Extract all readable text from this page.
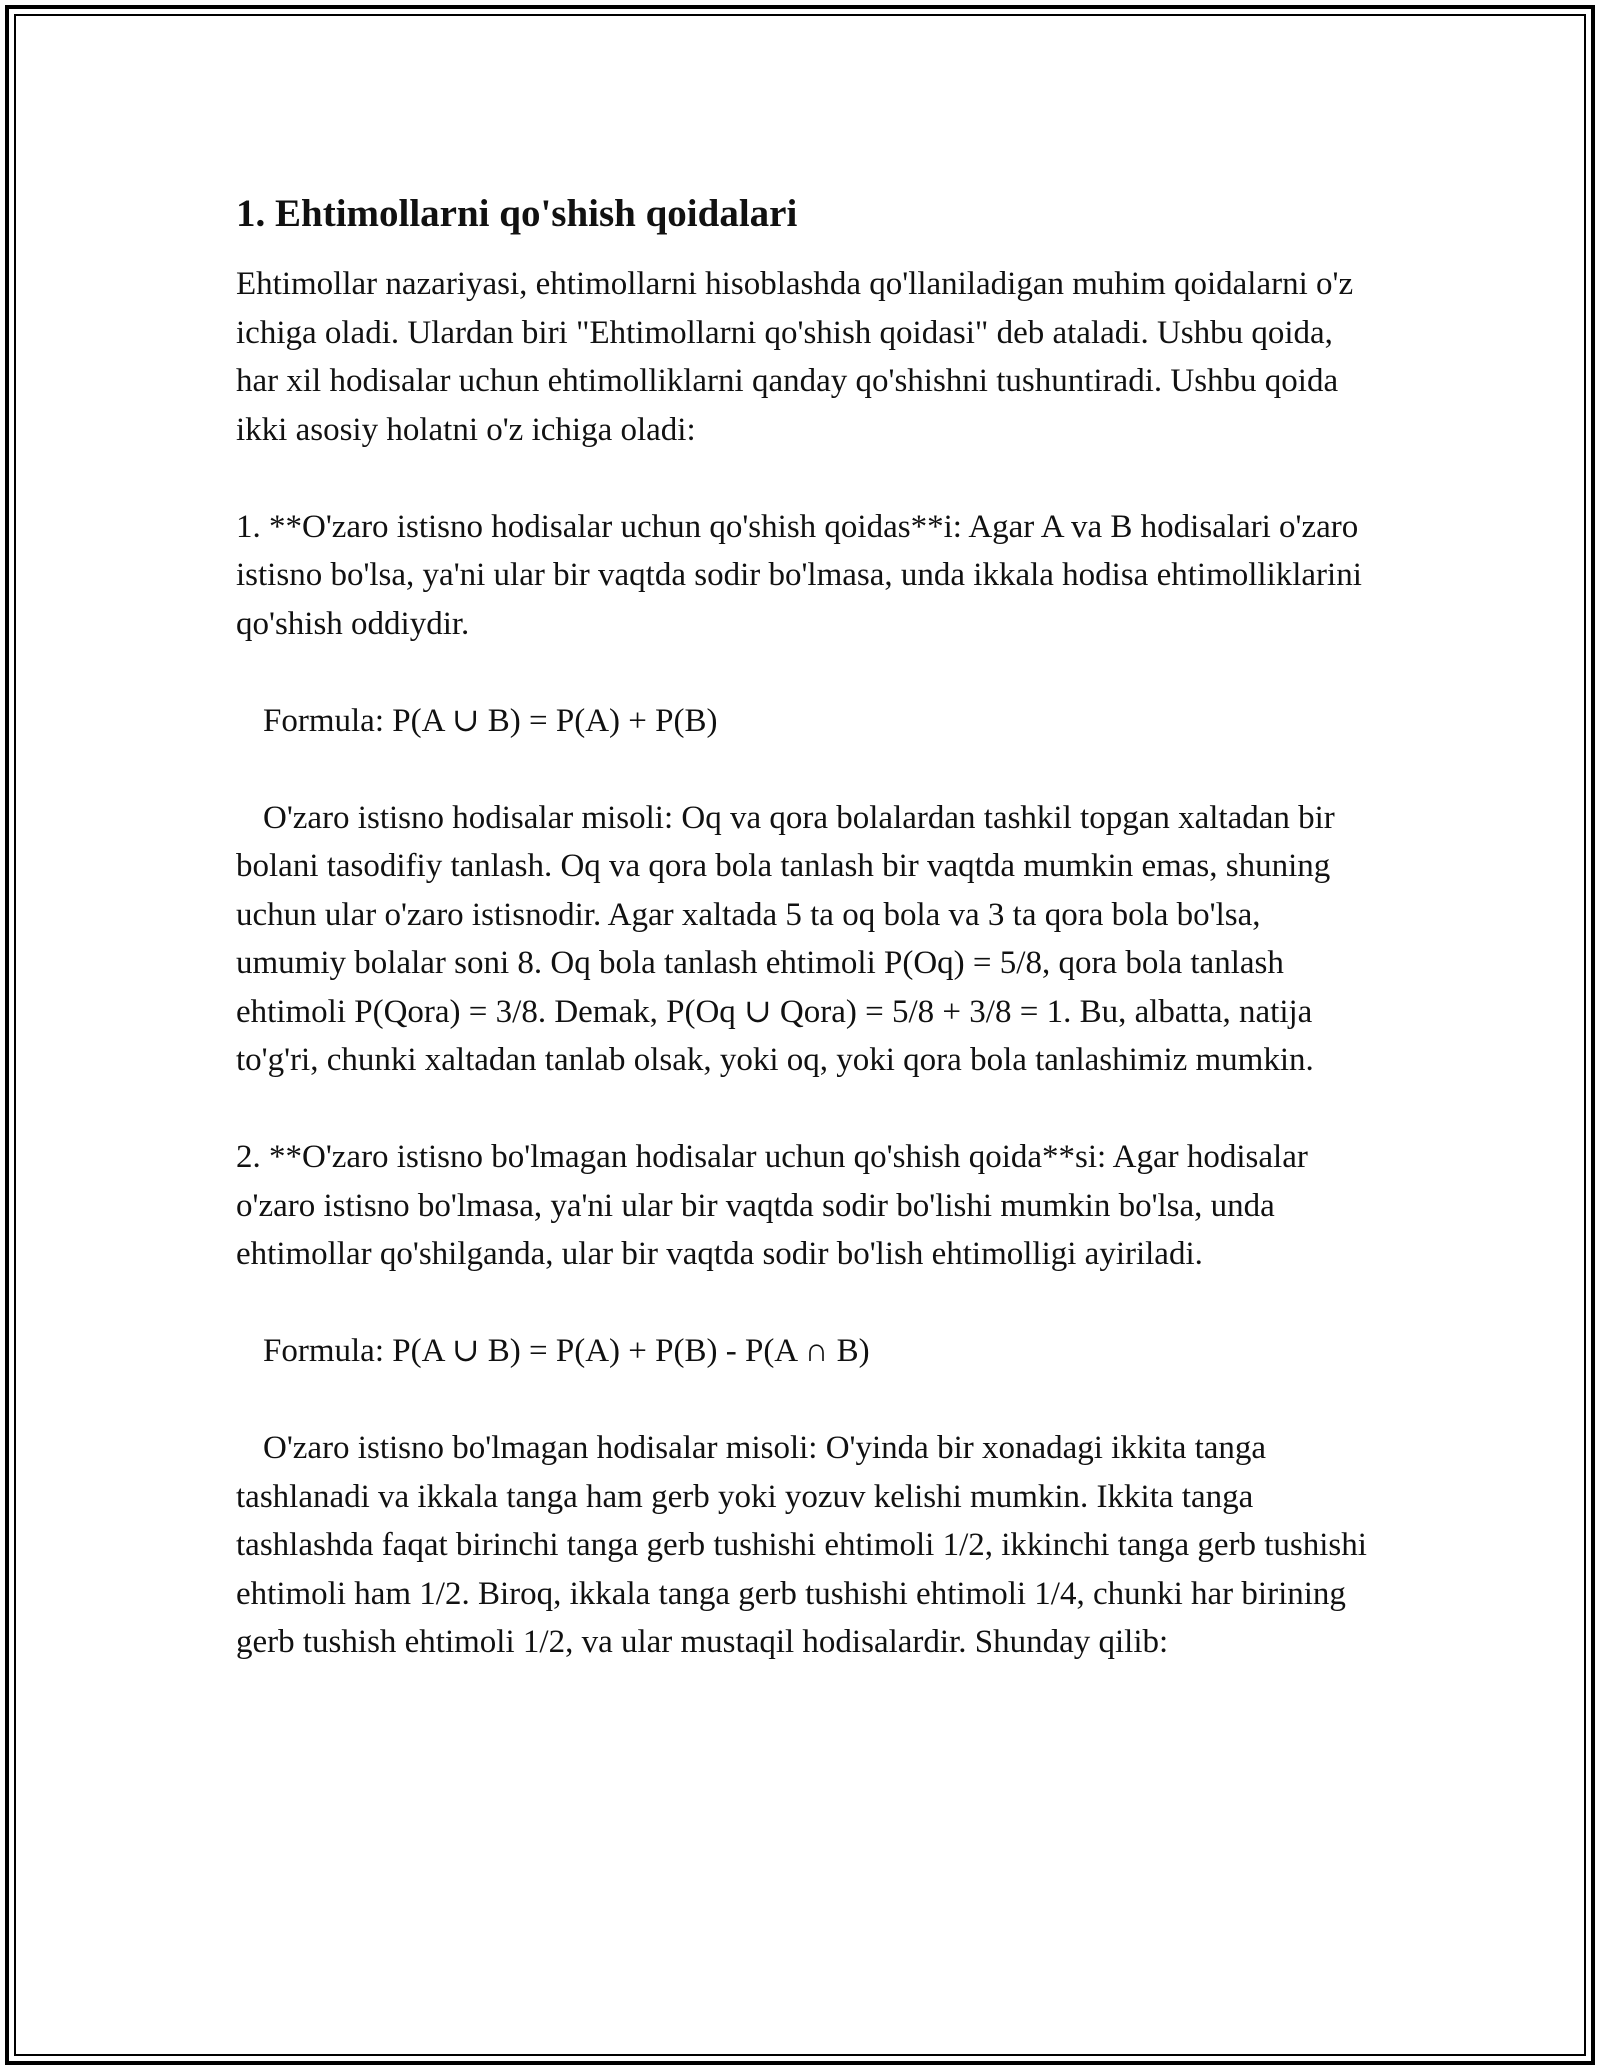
1. Ehtimollarni qo'shish qoidalari

Ehtimollar nazariyasi, ehtimollarni hisoblashda qo'llaniladigan muhim qoidalarni o'z ichiga oladi. Ulardan biri "Ehtimollarni qo'shish qoidasi" deb ataladi. Ushbu qoida, har xil hodisalar uchun ehtimolliklarni qanday qo'shishni tushuntiradi. Ushbu qoida ikki asosiy holatni o'z ichiga oladi:

1. **O'zaro istisno hodisalar uchun qo'shish qoidas**i: Agar A va B hodisalari o'zaro istisno bo'lsa, ya'ni ular bir vaqtda sodir bo'lmasa, unda ikkala hodisa ehtimolliklarini qo'shish oddiydir.

Formula: P(A ∪ B) = P(A) + P(B)

O'zaro istisno hodisalar misoli: Oq va qora bolalardan tashkil topgan xaltadan bir bolani tasodifiy tanlash. Oq va qora bola tanlash bir vaqtda mumkin emas, shuning uchun ular o'zaro istisnodir. Agar xaltada 5 ta oq bola va 3 ta qora bola bo'lsa, umumiy bolalar soni 8. Oq bola tanlash ehtimoli P(Oq) = 5/8, qora bola tanlash ehtimoli P(Qora) = 3/8. Demak, P(Oq ∪ Qora) = 5/8 + 3/8 = 1. Bu, albatta, natija to'g'ri, chunki xaltadan tanlab olsak, yoki oq, yoki qora bola tanlashimiz mumkin.

2. **O'zaro istisno bo'lmagan hodisalar uchun qo'shish qoida**si: Agar hodisalar o'zaro istisno bo'lmasa, ya'ni ular bir vaqtda sodir bo'lishi mumkin bo'lsa, unda ehtimollar qo'shilganda, ular bir vaqtda sodir bo'lish ehtimolligi ayiriladi.

Formula: P(A ∪ B) = P(A) + P(B) - P(A ∩ B)

O'zaro istisno bo'lmagan hodisalar misoli: O'yinda bir xonadagi ikkita tanga tashlanadi va ikkala tanga ham gerb yoki yozuv kelishi mumkin. Ikkita tanga tashlashda faqat birinchi tanga gerb tushishi ehtimoli 1/2, ikkinchi tanga gerb tushishi ehtimoli ham 1/2. Biroq, ikkala tanga gerb tushishi ehtimoli 1/4, chunki har birining gerb tushish ehtimoli 1/2, va ular mustaqil hodisalardir. Shunday qilib:
